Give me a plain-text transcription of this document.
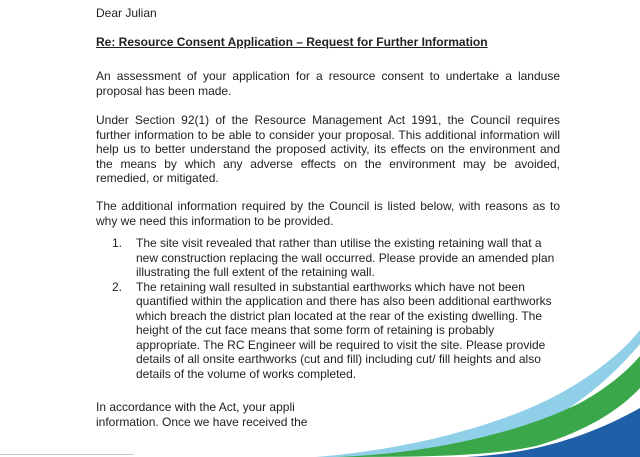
Dear Julian

Re: Resource Consent Application – Request for Further Information

An assessment of your application for a resource consent to undertake a landuse proposal has been made.

Under Section 92(1) of the Resource Management Act 1991, the Council requires further information to be able to consider your proposal. This additional information will help us to better understand the proposed activity, its effects on the environment and the means by which any adverse effects on the environment may be avoided, remedied, or mitigated.

The additional information required by the Council is listed below, with reasons as to why we need this information to be provided.

1. The site visit revealed that rather than utilise the existing retaining wall that a new construction replacing the wall occurred. Please provide an amended plan illustrating the full extent of the retaining wall.
2. The retaining wall resulted in substantial earthworks which have not been quantified within the application and there has also been additional earthworks which breach the district plan located at the rear of the existing dwelling. The height of the cut face means that some form of retaining is probably appropriate. The RC Engineer will be required to visit the site. Please provide details of all onsite earthworks (cut and fill) including cut/ fill heights and also details of the volume of works completed.
In accordance with the Act, your appli
information. Once we have received the
